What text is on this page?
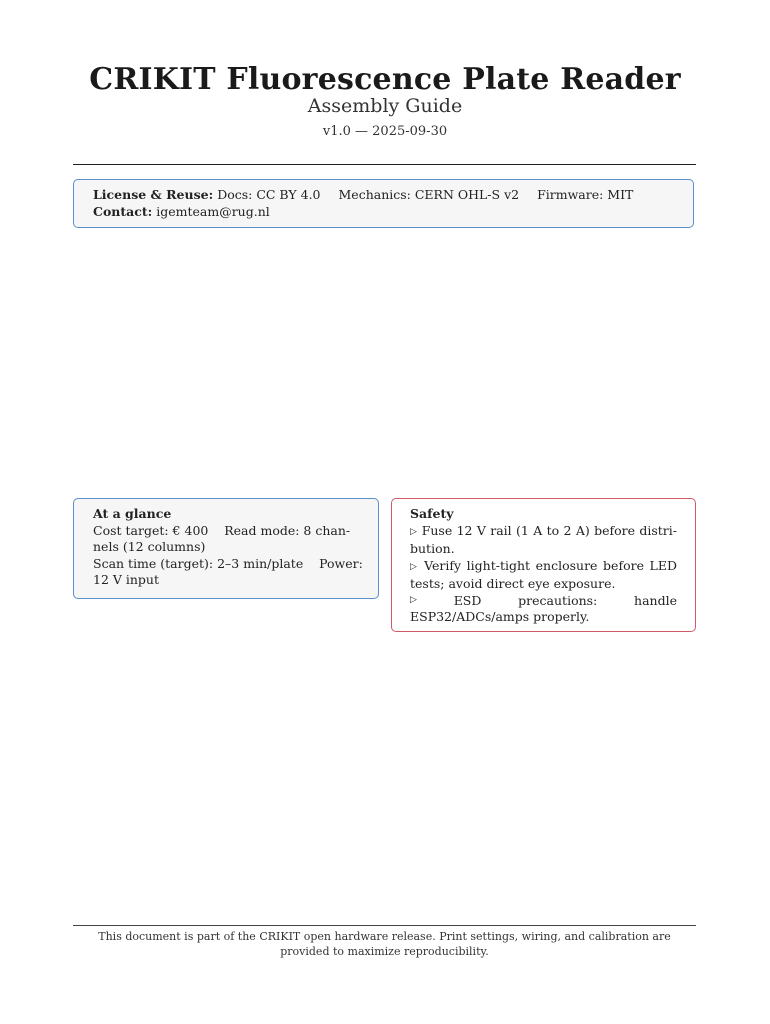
CRIKIT Fluorescence Plate Reader
Assembly Guide
v1.0 — 2025-09-30
License & Reuse: Docs: CC BY 4.0 Mechanics: CERN OHL-S v2 Firmware: MIT
Contact: igemteam@rug.nl
At a glance
Cost target: € 400    Read mode: 8 chan-
nels (12 columns)
Scan time (target): 2–3 min/plate    Power:
12 V input
Safety
▷ Fuse 12 V rail (1 A to 2 A) before distri-bution.
▷ Verify light-tight enclosure before LED tests; avoid direct eye exposure.
▷	ESD	precautions:	handle
ESP32/ADCs/amps properly.
This document is part of the CRIKIT open hardware release. Print settings, wiring, and calibration are provided to maximize reproducibility.
